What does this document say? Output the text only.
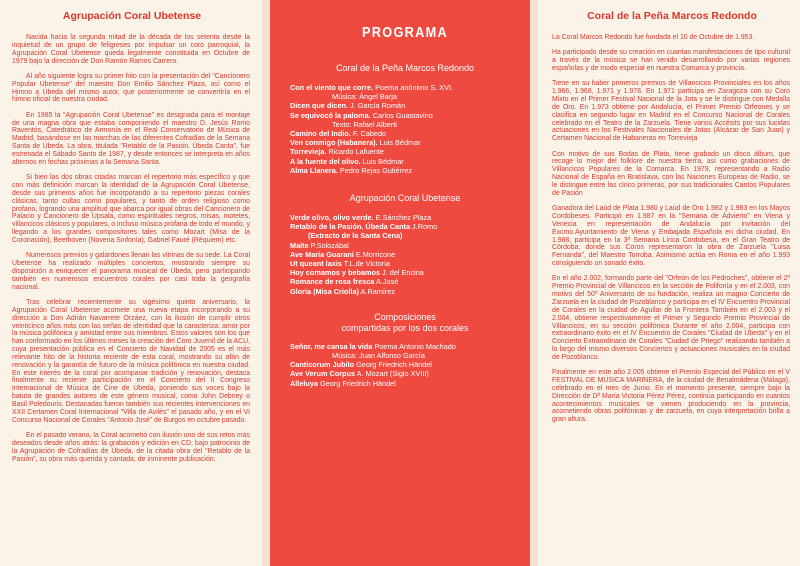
Agrupación Coral Ubetense

Nacida hacia la segunda mitad de la década de los setenta desde la inquietud de un grupo de feligreses por impulsar un coro parroquial, la Agrupación Coral Ubetense queda legalmente constituida en Octubre de 1979 bajo la dirección de Don Ramón Ramos Carrero.

Al año siguiente logra su primer hito con la presentación del "Cancionero Popular Ubetense" del maestro Don Emilio Sánchez Plaza, así como el Himno a Úbeda del mismo autor, que posteriormente se convertiría en el himno oficial de nuestra ciudad.

En 1985 la "Agrupación Coral Ubetense" es designada para el montaje de una magna obra que estaba componiendo el maestro D. Jesús Romo Raventós, Catedrático de Armonía en el Real Conservatorio de Música de Madrid, basándose en las marchas de las diferentes Cofradías de la Semana Santa de Úbeda. La obra, titulada "Retablo de la Pasión. Úbeda Canta", fue estrenada el Sábado Santo de 1987, y desde entonces se interpreta en años alternos en fechas próximas a la Semana Santa.

Si bien las dos obras citadas marcan el repertorio más específico y que con más definición marcan la identidad de la Agrupación Coral Ubetense, desde sus primeros años fue incorporando a su repertorio piezas corales clásicas, tanto cultas como populares, y tanto de orden religioso como profano, logrando una amplitud que abarca por igual obras del Cancionero de Palacio y Cancionero de Upsala, como espirituales negros, misas, motetes, villancicos clásicos y populares, o incluso música profana de todo el mundo, y llegando a los grandes compositores tales como Mozart (Misa de la Coronación), Beethoven (Novena Sinfonía), Gabriel Fauré (Réquiem) etc.

Numerosos premios y galardones llenan las vitrinas de su sede. La Coral Ubetense ha realizado múltiples conciertos, mostrando siempre su disposición a enriquecer el panorama musical de Úbeda, pero participando también en numerosos encuentros corales por casi toda la geografía nacional.

Tras celebrar recientemente su vigésimo quinto aniversario, la Agrupación Coral Ubetense acomete una nueva etapa incorporando a su dirección a Don Adrián Navarrete Orzáez, con la ilusión de cumplir otros veinticinco años más con las señas de identidad que la caracteriza: amor por la música polifónica y amistad entre sus miembros. Estos valores son los que han conformado en los últimos meses la creación del Coro Juvenil de la ACU, cuya presentación pública en el Concierto de Navidad de 2005 es el más relevante hito de la historia reciente de esta coral, mostrando su afán de renovación y la garantía de futuro de la música polifónica en nuestra ciudad. En este interés de la coral por acompasar tradición y renovación, destaca finalmente su reciente participación en el Concierto del II Congreso Internacional de Música de Cine de Úbeda, poniendo sus voces bajo la batuta de grandes autores de este género musical, como John Debney o Basil Poledouris. Destacadas fueron también sus recientes intervenciones en XXII Certamen Coral Internacional "Villa de Avilés" el pasado año, y en el VI Concurso Nacional de Corales "Antonio José" de Burgos en octubre pasado.

En el pasado verano, la Coral acometió con ilusión uno de sus retos más deseados desde años atrás: la grabación y edición en CD, bajo patrocinio de la Agrupación de Cofradías de Úbeda, de la citada obra del "Retablo de la Pasión", su obra más querida y cantada, de inminente publicación.

PROGRAMA
Coral de la Peña Marcos Redondo
Con el viento que corre. Poema anónimo S. XVI.
Música: Ángel Barja
Dicen que dicen. J. García Román
Se equivocó la paloma. Carlos Guastavino
Texto: Rafael Alberti
Camino del Indio. F. Cabedo
Ven conmigo (Habanera). Luis Bédmar
Torrevieja. Ricardo Lafuente
A la fuente del olivo. Luis Bédmar
Alma Llanera. Pedro Rejas Gutiérrez
Agrupación Coral Ubetense
Verde olivo, olivo verde. E.Sánchez Plaza
Retablo de la Pasión. Úbeda Canta J.Romo
(Extracto de la Santa Cena)
Maite P.Solozábal
Ave María Guaraní E.Morricone
Ut queant laxis T.L.de Victoria
Hoy comamos y bebamos J. del Encina
Romance de rosa fresca A.José
Gloria (Misa Criolla) A.Ramírez
Composiciones
compartidas por los dos corales
Señor, me cansa la vida Poema Antonio Machado
Música: Juan Alfonso García
Canticorum Jubilo Georg Friedrich Händel
Ave Verum Corpus A. Mozart (Siglo XVIII)
Alleluya Georg Friedrich Händel
Coral de la Peña Marcos Redondo

La Coral Marcos Redondo fue fundada el 10 de Octubre de 1.953.

Ha participado desde su creación en cuantas manifestaciones de tipo cultural a través de la música se han venido desarrollando por varias regiones españolas y de modo especial en nuestra Comarca y provincia.

Tiene en su haber primeros premios de Villancicos Provinciales en los años 1.966, 1.968, 1.971 y 1.978. En 1.971 participa en Zaragoza con su Coro Mixto en el Primer Festival Nacional de la Jota y se le distingue con Medalla de Oro. En 1.973 obtiene por Andalucía, el Primer Premio Orfeones y se clasifica en segundo lugar en Madrid en el Concurso Nacional de Corales celebrado en el Teatro de la Zarzuela. Tiene varios Accésits por sus lucidas actuaciones en los Festivales Nacionales de Jotas (Alcázar de San Juan) y Certamen Nacional de Habaneras en Torrevieja

Con motivo de sus Bodas de Plata, tiene grabado un disco álbum, que recoge lo mejor del folklore de nuestra tierra, así como grabaciones de Villancicos Populares de la Comarca. En 1979, representando a Radio Nacional de España en Bratislava, con las Naciones Europeas de Radio, se le distingue entre las cinco primeras, por sus tradicionales Cantos Populares de Pasión

Ganadora del Laúd de Plata 1.980 y Laúd de Oro 1.982 y 1.983 en los Mayos Cordobeses. Participó en 1.987 en la "Semana de Advierto" en Viena y Venecia en representación de Andalucía por invitación del Excmo.Ayuntamiento de Viena y Embajada Española en dicha ciudad. En 1.988, participa en la 3ª Semana Lírica Cordobesa, en el Gran Teatro de Córdoba, donde sus Coros representaron la obra de Zarzuela "Luisa Fernanda", del Maestro Torroba. Asimismo actúa en Roma en el año 1.993 consiguiendo un sonado éxito.

En el año 2.002, formando parte del "Orfeón de los Pedroches", obtiene el 2º Premio Provincial de Villancicos en la sección de Polifonía y en el 2.003, con motivo del 50º Aniversario de su fundación, realiza un magno Concierto de Zarzuela en la ciudad de Pozoblanco y participa en el IV Encuentro Provincial de Corales en la ciudad de Aguilar de la Frontera También en el 2.003 y el 2.004, obtiene respectivamente el Primer y Segundo Premio Provincial de Villancicos, en su sección polifónica Durante el año 2.004, participa con extraordinario éxito en el IV Encuentro de Corales "Ciudad de Úbeda" y en el Concierto Extraordinario de Corales "Ciudad de Priego" realizando también a lo largo del mismo diversos Conciertos y actuaciones musicales en la ciudad de Pozoblanco.

Finalmente en este año 2.005 obtiene el Premio Especial del Público en el V FESTIVAL DE MÚSICA MARINERA, de la ciudad de Benalmádena (Málaga), celebrado en el mes de Junio. En el momento presente, siempre bajo la Dirección de Dª María Victoria Pérez Pérez, continúa participando en cuantos acontecimientos musicales se vienen produciendo en la provincia, acometiendo obras polifónicas y de zarzuela, en cuya interpretación brilla a gran altura.
